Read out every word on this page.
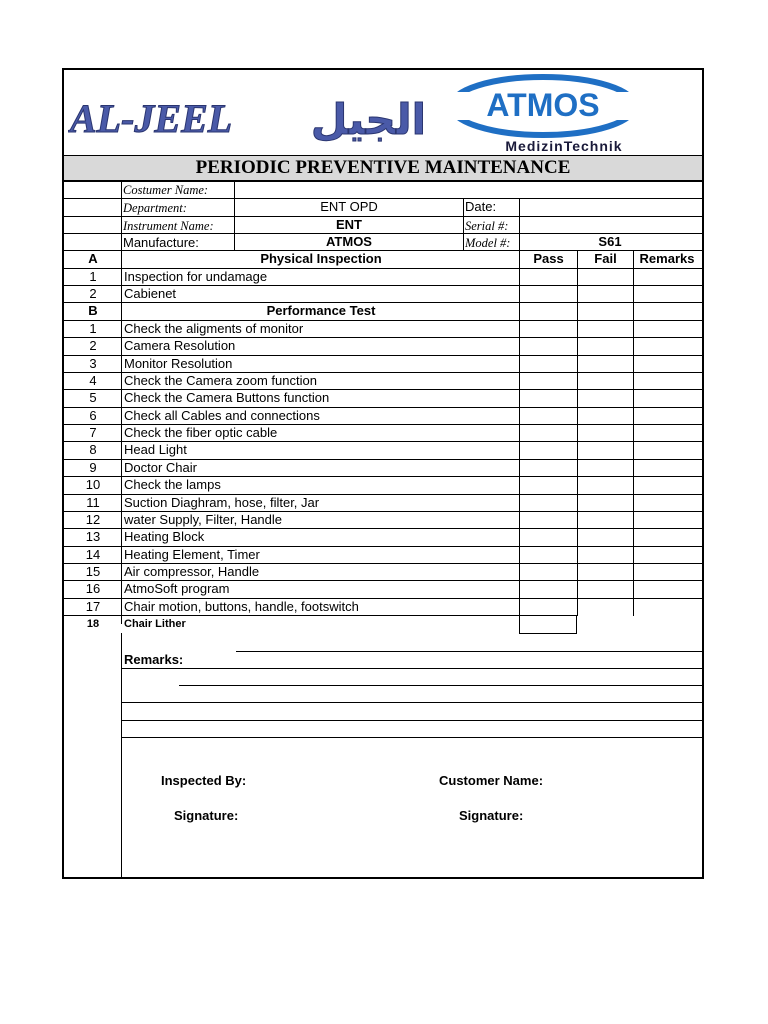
AL-JEEL الجيل ATMOS
MedizinTechnik
PERIODIC PREVENTIVE MAINTENANCE
Costumer Name:
Department:	ENT OPD	Date:
Instrument Name:	ENT	Serial #:
Manufacture:	ATMOS	Model #:	S61
A	Physical Inspection	Pass	Fail	Remarks
1	Inspection for undamage
2	Cabienet
B	Performance Test
1	Check the aligments of monitor
2	Camera Resolution
3	Monitor Resolution
4	Check the Camera zoom function
5	Check the Camera Buttons function
6	Check all Cables and connections
7	Check the fiber optic cable
8	Head Light
9	Doctor Chair
10	Check the lamps
11	Suction Diaghram, hose, filter, Jar
12	water Supply, Filter, Handle
13	Heating Block
14	Heating Element, Timer
15	Air compressor, Handle
16	AtmoSoft program
17	Chair motion, buttons, handle, footswitch
18	Chair Lither
Remarks:
Inspected By:	Customer Name:
Signature:	Signature:
